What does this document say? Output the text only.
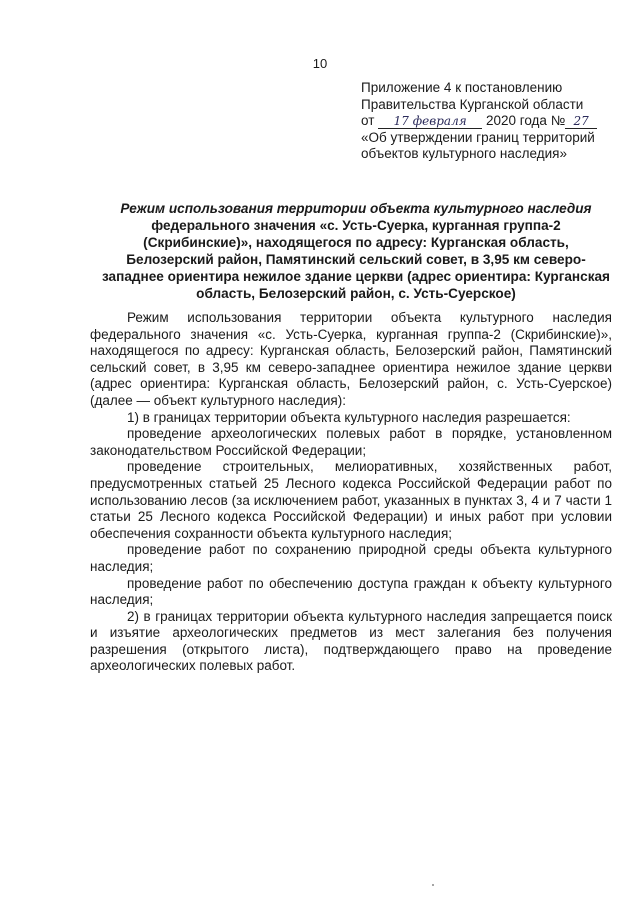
10
Приложение 4 к постановлению
Правительства Курганской области
от 17 февраля 2020 года № 27
«Об утверждении границ территорий
объектов культурного наследия»
Режим использования территории объекта культурного наследия
федерального значения «с. Усть-Суерка, курганная группа-2
(Скрибинские)», находящегося по адресу: Курганская область,
Белозерский район, Памятинский сельский совет, в 3,95 км северо-
западнее ориентира нежилое здание церкви (адрес ориентира: Курганская
область, Белозерский район, с. Усть-Суерское)

Режим использования территории объекта культурного наследия федерального значения «с. Усть-Суерка, курганная группа-2 (Скрибинские)», находящегося по адресу: Курганская область, Белозерский район, Памятинский сельский совет, в 3,95 км северо-западнее ориентира нежилое здание церкви (адрес ориентира: Курганская область, Белозерский район, с. Усть-Суерское) (далее — объект культурного наследия):

1) в границах территории объекта культурного наследия разрешается:

проведение археологических полевых работ в порядке, установленном законодательством Российской Федерации;

проведение строительных, мелиоративных, хозяйственных работ, предусмотренных статьей 25 Лесного кодекса Российской Федерации работ по использованию лесов (за исключением работ, указанных в пунктах 3, 4 и 7 части 1 статьи 25 Лесного кодекса Российской Федерации) и иных работ при условии обеспечения сохранности объекта культурного наследия;

проведение работ по сохранению природной среды объекта культурного наследия;

проведение работ по обеспечению доступа граждан к объекту культурного наследия;

2) в границах территории объекта культурного наследия запрещается поиск и изъятие археологических предметов из мест залегания без получения разрешения (открытого листа), подтверждающего право на проведение археологических полевых работ.
